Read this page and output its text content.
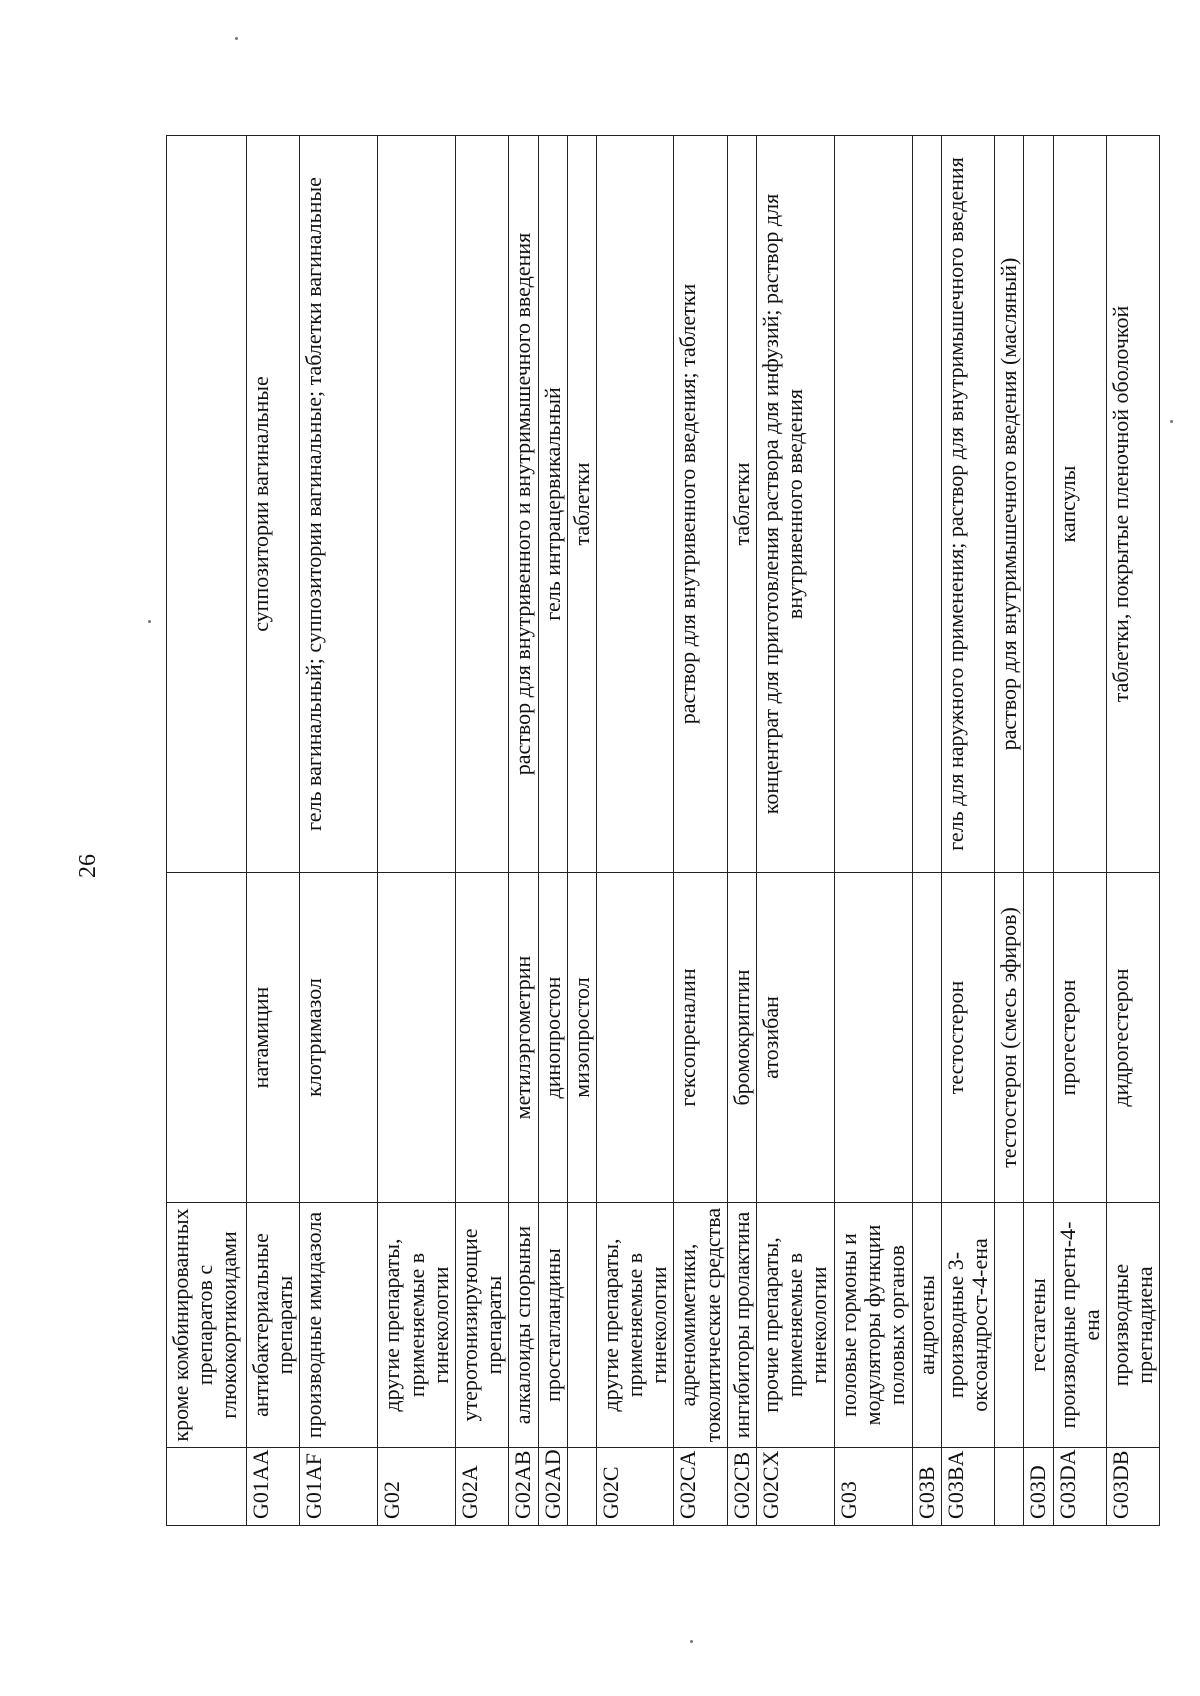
26
	кроме комбинированных препаратов с глюкокортикоидами		
G01AA	антибактериальные препараты	натамицин	суппозитории вагинальные
G01AF	производные имидазола	клотримазол	гель вагинальный; суппозитории вагинальные; таблетки вагинальные
G02	другие препараты, применяемые в гинекологии		
G02A	утеротонизирующие препараты		
G02AB	алкалоиды спорыньи	метилэргометрин	раствор для внутривенного и внутримышечного введения
G02AD	простагландины	динопростон	гель интрацервикальный
		мизопростол	таблетки
G02C	другие препараты, применяемые в гинекологии		
G02CA	адреномиметики, токолитические средства	гексопреналин	раствор для внутривенного введения; таблетки
G02CB	ингибиторы пролактина	бромокриптин	таблетки
G02CX	прочие препараты, применяемые в гинекологии	атозибан	концентрат для приготовления раствора для инфузий; раствор для внутривенного введения
G03	половые гормоны и модуляторы функции половых органов		
G03B	андрогены		
G03BA	производные 3-оксоандрост-4-ена	тестостерон	гель для наружного применения; раствор для внутримышечного введения
		тестостерон (смесь эфиров)	раствор для внутримышечного введения (масляный)
G03D	гестагены		
G03DA	производные прегн-4-ена	прогестерон	капсулы
G03DB	производные прегнадиена	дидрогестерон	таблетки, покрытые пленочной оболочкой
